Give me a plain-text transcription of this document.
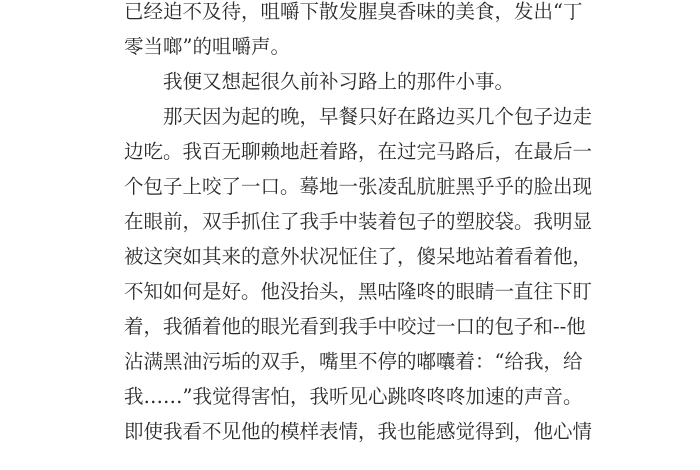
已经迫不及待，咀嚼下散发腥臭香味的美食，发出“丁
零当啷”的咀嚼声。
我便又想起很久前补习路上的那件小事。
那天因为起的晚，早餐只好在路边买几个包子边走
边吃。我百无聊赖地赶着路，在过完马路后，在最后一
个包子上咬了一口。蓦地一张凌乱肮脏黑乎乎的脸出现
在眼前，双手抓住了我手中装着包子的塑胶袋。我明显
被这突如其来的意外状况怔住了，傻呆地站着看着他，
不知如何是好。他没抬头，黑咕隆咚的眼睛一直往下盯
着，我循着他的眼光看到我手中咬过一口的包子和--他
沾满黑油污垢的双手，嘴里不停的嘟囔着：“给我，给
我……”我觉得害怕，我听见心跳咚咚咚加速的声音。
即使我看不见他的模样表情，我也能感觉得到，他心情
